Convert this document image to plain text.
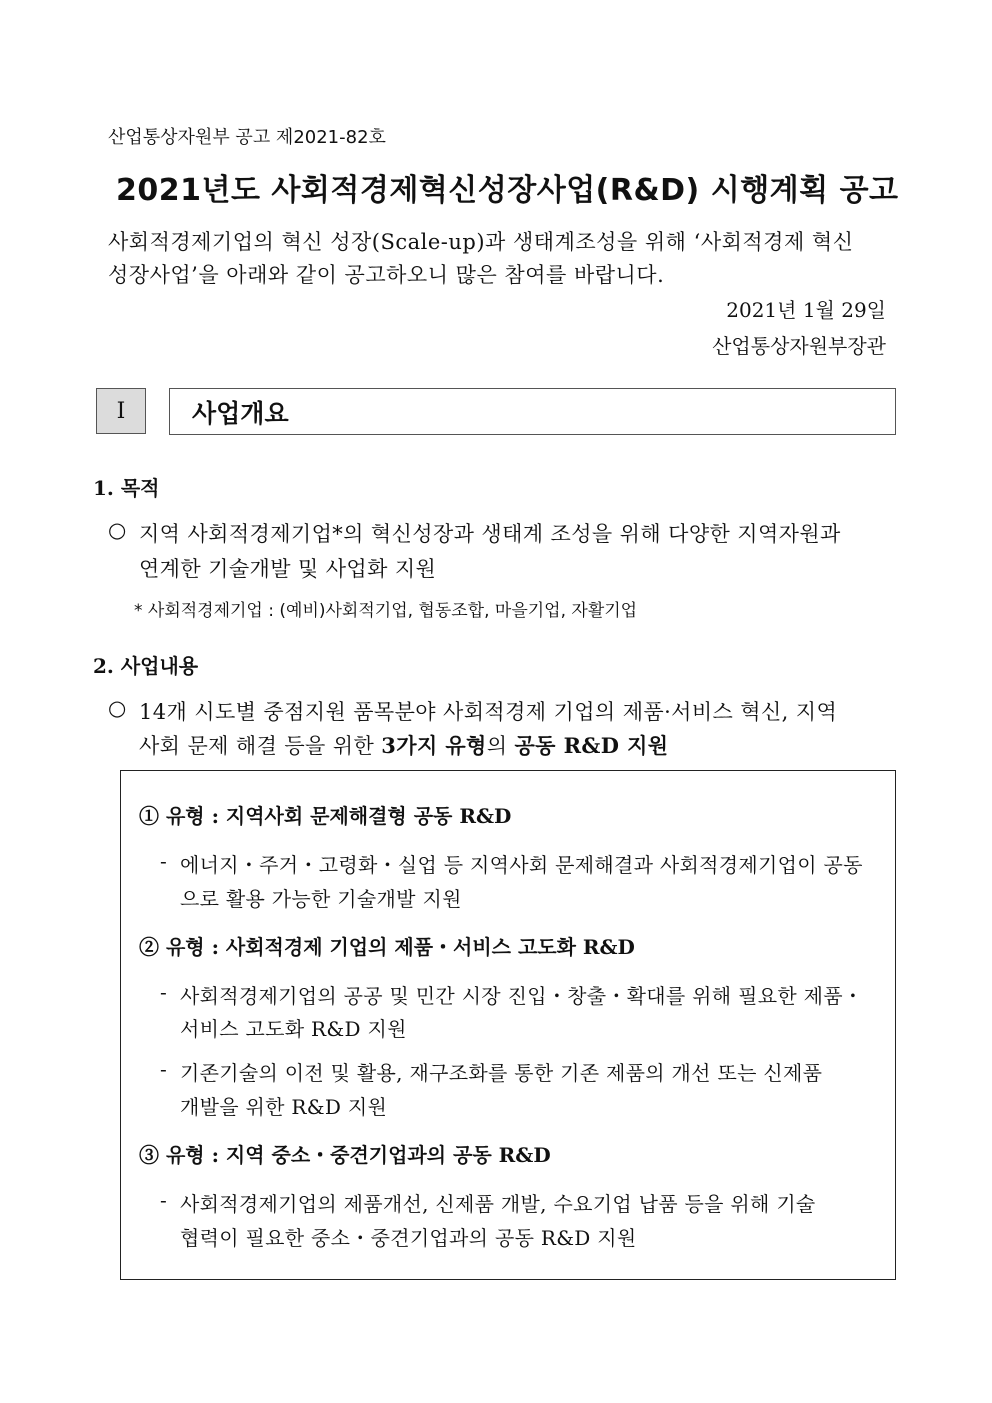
산업통상자원부 공고 제2021-82호
2021년도 사회적경제혁신성장사업(R&D) 시행계획 공고
사회적경제기업의 혁신 성장(Scale-up)과 생태계조성을 위해 ‘사회적경제 혁신
성장사업’을 아래와 같이 공고하오니 많은 참여를 바랍니다.
2021년 1월 29일
산업통상자원부장관
Ⅰ	사업개요
1. 목적
○ 지역 사회적경제기업*의 혁신성장과 생태계 조성을 위해 다양한 지역자원과
연계한 기술개발 및 사업화 지원
* 사회적경제기업 : (예비)사회적기업, 협동조합, 마을기업, 자활기업
2. 사업내용
○ 14개 시도별 중점지원 품목분야 사회적경제 기업의 제품·서비스 혁신, 지역
사회 문제 해결 등을 위한 3가지 유형의 공동 R&D 지원
① 유형 : 지역사회 문제해결형 공동 R&D
- 에너지・주거・고령화・실업 등 지역사회 문제해결과 사회적경제기업이 공동
으로 활용 가능한 기술개발 지원
② 유형 : 사회적경제 기업의 제품・서비스 고도화 R&D
- 사회적경제기업의 공공 및 민간 시장 진입・창출・확대를 위해 필요한 제품・
서비스 고도화 R&D 지원
- 기존기술의 이전 및 활용, 재구조화를 통한 기존 제품의 개선 또는 신제품
개발을 위한 R&D 지원
③ 유형 : 지역 중소・중견기업과의 공동 R&D
- 사회적경제기업의 제품개선, 신제품 개발, 수요기업 납품 등을 위해 기술
협력이 필요한 중소・중견기업과의 공동 R&D 지원
